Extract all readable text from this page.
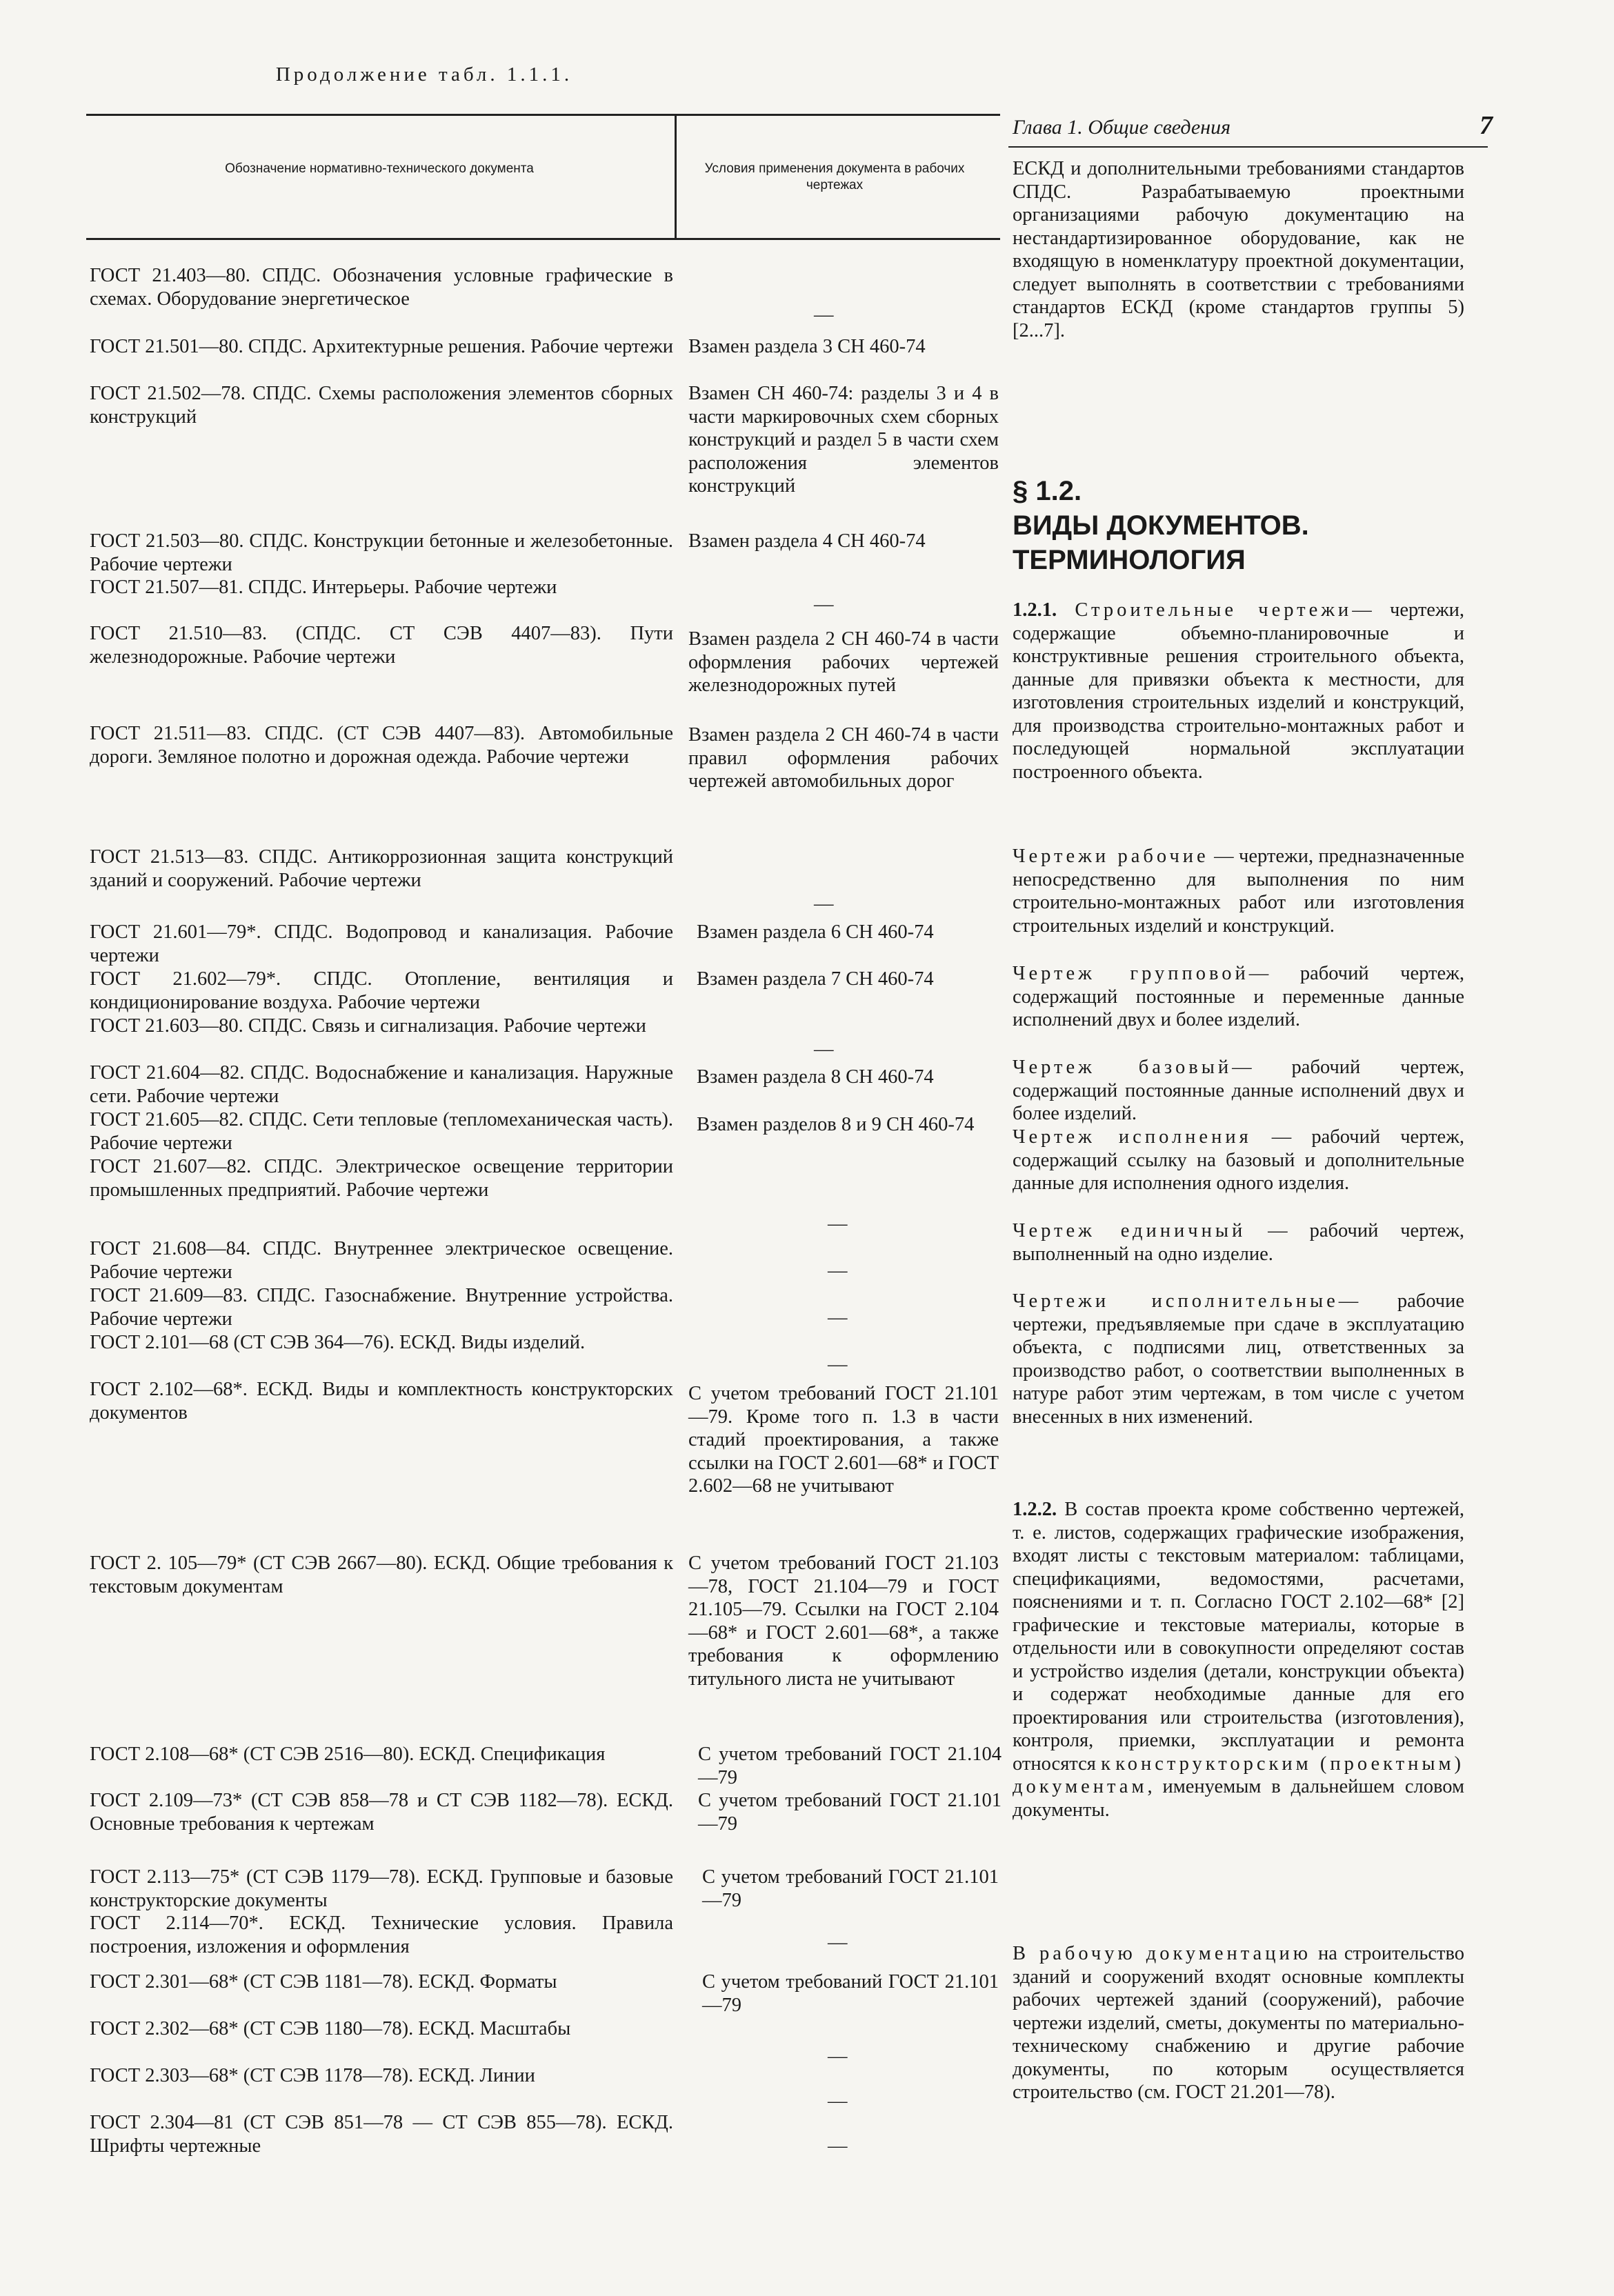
Продолжение табл. 1.1.1.
Обозначение нормативно-технического документа	Условия применения документа в рабочих чертежах
Глава 1. Общие сведения	7
ГОСТ 21.403—80. СПДС. Обозначения условные графические в схемах. Оборудование энергетическое
ГОСТ 21.501—80. СПДС. Архитектурные решения. Рабочие чертежи
ГОСТ 21.502—78. СПДС. Схемы расположения элементов сборных конструкций
ГОСТ 21.503—80. СПДС. Конструкции бетонные и железобетонные. Рабочие чертежи
ГОСТ 21.507—81. СПДС. Интерьеры. Рабочие чертежи
ГОСТ 21.510—83. (СПДС. СТ СЭВ 4407—83). Пути железнодорожные. Рабочие чертежи
ГОСТ 21.511—83. СПДС. (СТ СЭВ 4407—83). Автомобильные дороги. Земляное полотно и дорожная одежда. Рабочие чертежи
ГОСТ 21.513—83. СПДС. Антикоррозионная защита конструкций зданий и сооружений. Рабочие чертежи
ГОСТ 21.601—79*. СПДС. Водопровод и канализация. Рабочие чертежи
ГОСТ 21.602—79*. СПДС. Отопление, вентиляция и кондиционирование воздуха. Рабочие чертежи
ГОСТ 21.603—80. СПДС. Связь и сигнализация. Рабочие чертежи
ГОСТ 21.604—82. СПДС. Водоснабжение и канализация. Наружные сети. Рабочие чертежи
ГОСТ 21.605—82. СПДС. Сети тепловые (тепломеханическая часть). Рабочие чертежи
ГОСТ 21.607—82. СПДС. Электрическое освещение территории промышленных предприятий. Рабочие чертежи
ГОСТ 21.608—84. СПДС. Внутреннее электрическое освещение. Рабочие чертежи
ГОСТ 21.609—83. СПДС. Газоснабжение. Внутренние устройства. Рабочие чертежи
ГОСТ 2.101—68 (СТ СЭВ 364—76). ЕСКД. Виды изделий.
ГОСТ 2.102—68*. ЕСКД. Виды и комплектность конструкторских документов
ГОСТ 2. 105—79* (СТ СЭВ 2667—80). ЕСКД. Общие требования к текстовым документам
ГОСТ 2.108—68* (СТ СЭВ 2516—80). ЕСКД. Спецификация
ГОСТ 2.109—73* (СТ СЭВ 858—78 и СТ СЭВ 1182—78). ЕСКД. Основные требования к чертежам
ГОСТ 2.113—75* (СТ СЭВ 1179—78). ЕСКД. Групповые и базовые конструкторские документы
ГОСТ 2.114—70*. ЕСКД. Технические условия. Правила построения, изложения и оформления
ГОСТ 2.301—68* (СТ СЭВ 1181—78). ЕСКД. Форматы
ГОСТ 2.302—68* (СТ СЭВ 1180—78). ЕСКД. Масштабы
ГОСТ 2.303—68* (СТ СЭВ 1178—78). ЕСКД. Линии
ГОСТ 2.304—81 (СТ СЭВ 851—78 — СТ СЭВ 855—78). ЕСКД. Шрифты чертежные
—
Взамен раздела 3 СН 460-74
Взамен СН 460-74: разделы 3 и 4 в части маркировочных схем сборных конструкций и раздел 5 в части схем расположения элементов конструкций
Взамен раздела 4 СН 460-74
—
Взамен раздела 2 СН 460-74 в части оформления рабочих чертежей железнодорожных путей
Взамен раздела 2 СН 460-74 в части правил оформления рабочих чертежей автомобильных дорог
—
Взамен раздела 6 СН 460-74
Взамен раздела 7 СН 460-74
—
Взамен раздела 8 СН 460-74
Взамен разделов 8 и 9 СН 460-74
—
—
—
—
С учетом требований ГОСТ 21.101—79. Кроме того п. 1.3 в части стадий проектирования, а также ссылки на ГОСТ 2.601—68* и ГОСТ 2.602—68 не учитывают
С учетом требований ГОСТ 21.103—78, ГОСТ 21.104—79 и ГОСТ 21.105—79. Ссылки на ГОСТ 2.104—68* и ГОСТ 2.601—68*, а также требования к оформлению титульного листа не учитывают
С учетом требований ГОСТ 21.104—79
С учетом требований ГОСТ 21.101—79
С учетом требований ГОСТ 21.101—79
—
С учетом требований ГОСТ 21.101—79
—
—
—
ЕСКД и дополнительными требованиями стандартов СПДС. Разрабатываемую проектными организациями рабочую документацию на нестандартизированное оборудование, как не входящую в номенклатуру проектной документации, следует выполнять в соответствии с требованиями стандартов ЕСКД (кроме стандартов группы 5) [2...7].
§ 1.2.
ВИДЫ ДОКУМЕНТОВ.
ТЕРМИНОЛОГИЯ
1.2.1. Строительные чертежи— чертежи, содержащие объемно-планировочные и конструктивные решения строительного объекта, данные для привязки объекта к местности, для изготовления строительных изделий и конструкций, для производства строительно-монтажных работ и последующей нормальной эксплуатации построенного объекта.
Чертежи рабочие — чертежи, предназначенные непосредственно для выполнения по ним строительно-монтажных работ или изготовления строительных изделий и конструкций.
Чертеж групповой— рабочий чертеж, содержащий постоянные и переменные данные исполнений двух и более изделий.
Чертеж базовый— рабочий чертеж, содержащий постоянные данные исполнений двух и более изделий.
Чертеж исполнения — рабочий чертеж, содержащий ссылку на базовый и дополнительные данные для исполнения одного изделия.
Чертеж единичный — рабочий чертеж, выполненный на одно изделие.
Чертежи исполнительные— рабочие чертежи, предъявляемые при сдаче в эксплуатацию объекта, с подписями лиц, ответственных за производство работ, о соответствии выполненных в натуре работ этим чертежам, в том числе с учетом внесенных в них изменений.
1.2.2. В состав проекта кроме собственно чертежей, т. е. листов, содержащих графические изображения, входят листы с текстовым материалом: таблицами, спецификациями, ведомостями, расчетами, пояснениями и т. п. Согласно ГОСТ 2.102—68* [2] графические и текстовые материалы, которые в отдельности или в совокупности определяют состав и устройство изделия (детали, конструкции объекта) и содержат необходимые данные для его проектирования или строительства (изготовления), контроля, приемки, эксплуатации и ремонта относятся к конструкторским (проектным) документам, именуемым в дальнейшем словом документы.
В рабочую документацию на строительство зданий и сооружений входят основные комплекты рабочих чертежей зданий (сооружений), рабочие чертежи изделий, сметы, документы по материально-техническому снабжению и другие рабочие документы, по которым осуществляется строительство (см. ГОСТ 21.201—78).
